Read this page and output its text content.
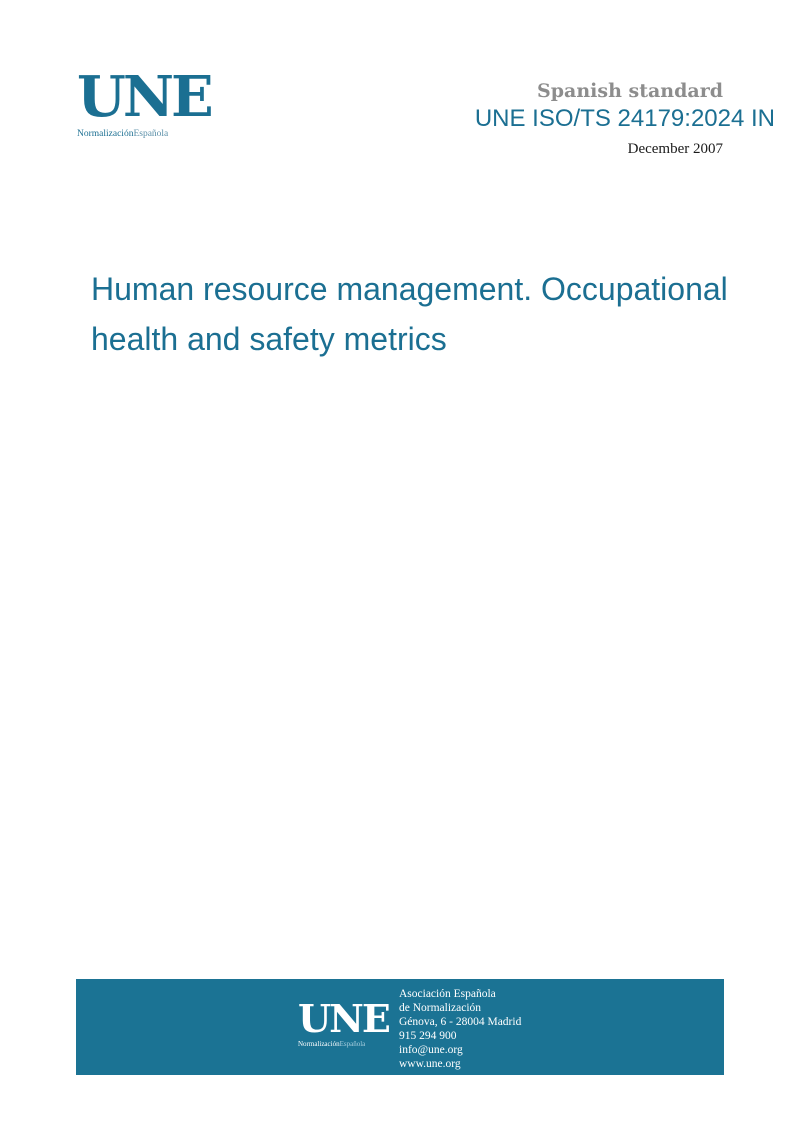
UNE
NormalizaciónEspañola
Spanish standard
UNE ISO/TS 24179:2024 IN
December 2007
Human resource management. Occupational
health and safety metrics
UNE
NormalizaciónEspañola
Asociación Española
de Normalización
Génova, 6 - 28004 Madrid
915 294 900
info@une.org
www.une.org
